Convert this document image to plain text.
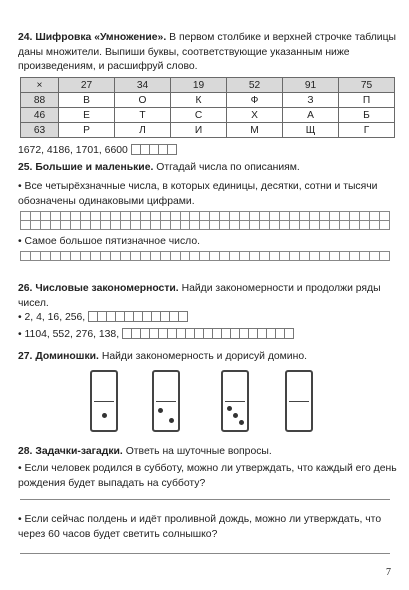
24. Шифровка «Умножение». В первом столбике и верхней строчке таблицы даны множители. Выпиши буквы, соответствующие указанным ниже произведениям, и расшифруй слово.
×	27	34	19	52	91	75
88	В	О	К	Ф	З	П
46	Е	Т	С	Х	А	Б
63	Р	Л	И	М	Щ	Г
1672, 4186, 1701, 6600
25. Большие и маленькие. Отгадай числа по описаниям.
• Все четырёхзначные числа, в которых единицы, десятки, сотни и тысячи обозначены одинаковыми цифрами.

• Самое большое пятизначное число.

26. Числовые закономерности. Найди закономерности и продолжи ряды чисел.
• 2, 4, 16, 256,
• 1104, 552, 276, 138,
27. Доминошки. Найди закономерность и дорисуй домино.
28. Задачки-загадки. Ответь на шуточные вопросы.
• Если человек родился в субботу, можно ли утверждать, что каждый его день рождения будет выпадать на субботу?
• Если сейчас полдень и идёт проливной дождь, можно ли утверждать, что через 60 часов будет светить солнышко?
7
